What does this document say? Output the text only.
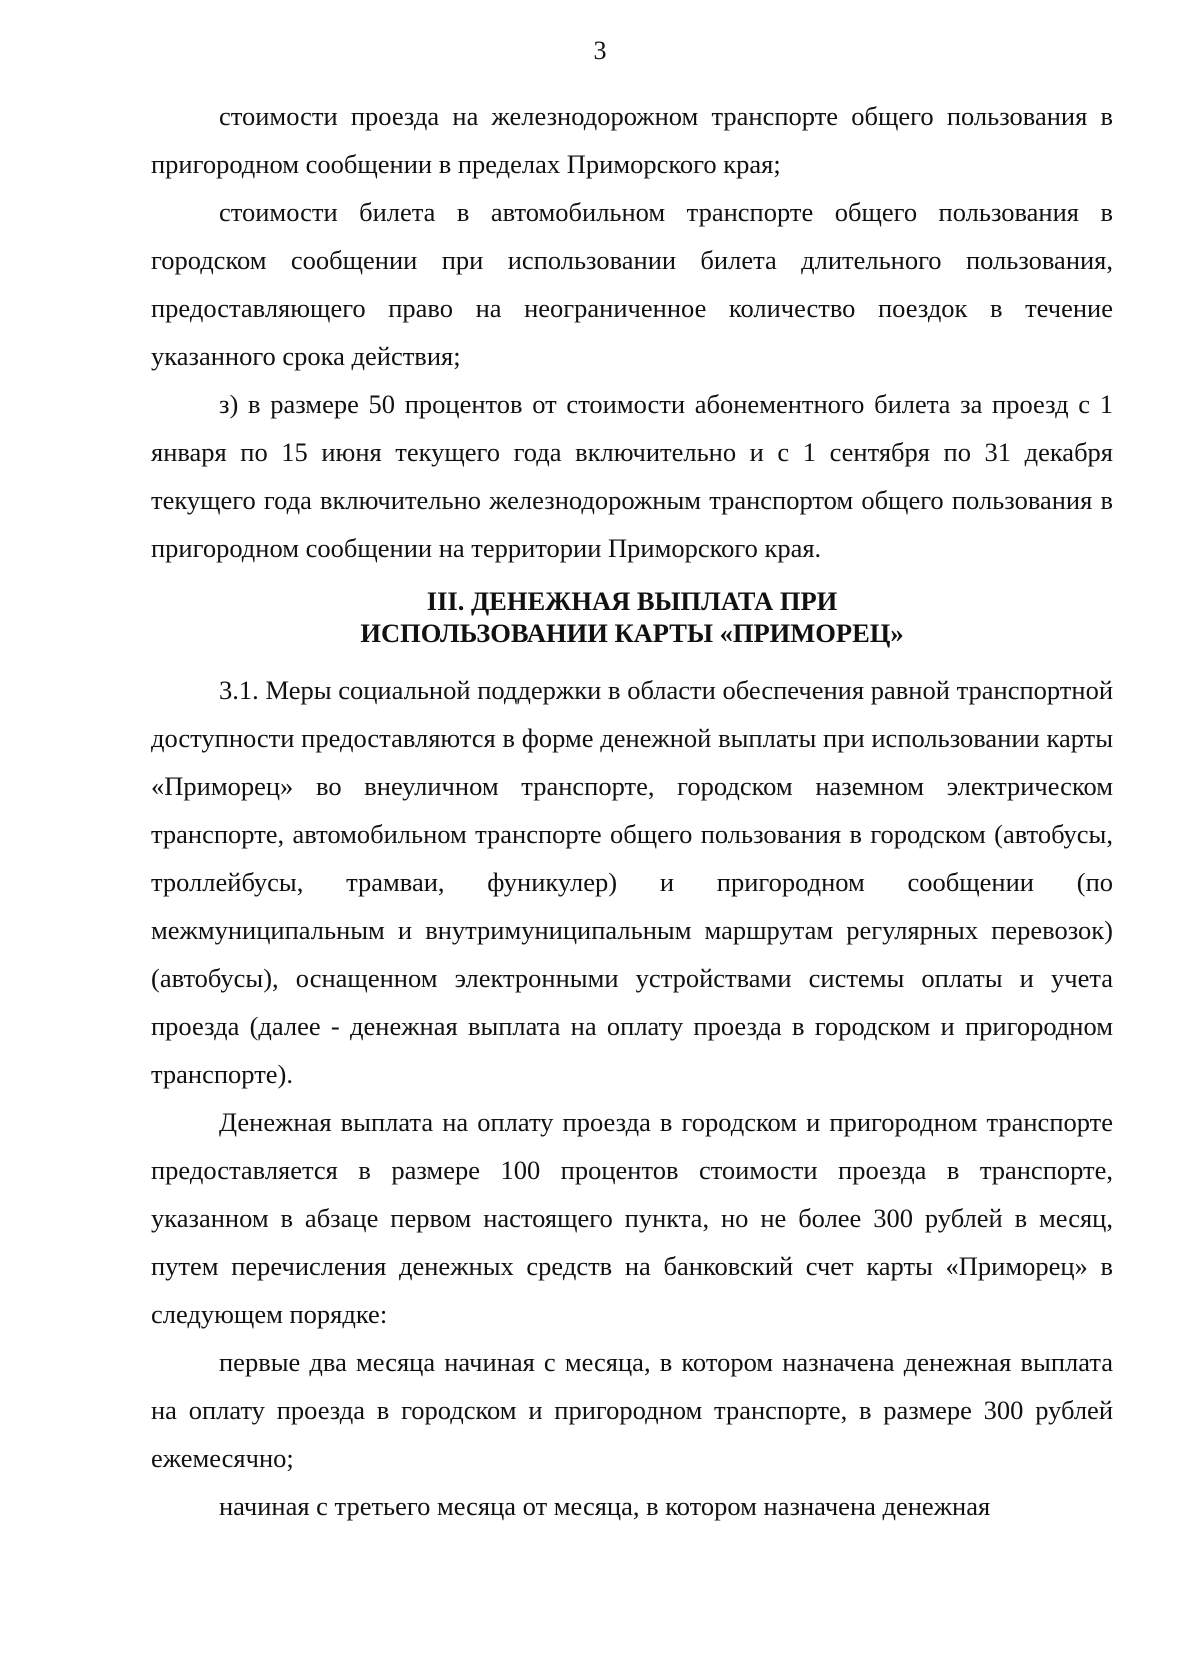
3

стоимости проезда на железнодорожном транспорте общего пользования в пригородном сообщении в пределах Приморского края;

стоимости билета в автомобильном транспорте общего пользования в городском сообщении при использовании билета длительного пользования, предоставляющего право на неограниченное количество поездок в течение указанного срока действия;

з) в размере 50 процентов от стоимости абонементного билета за проезд с 1 января по 15 июня текущего года включительно и с 1 сентября по 31 декабря текущего года включительно железнодорожным транспортом общего пользования в пригородном сообщении на территории Приморского края.

III. ДЕНЕЖНАЯ ВЫПЛАТА ПРИ
ИСПОЛЬЗОВАНИИ КАРТЫ «ПРИМОРЕЦ»

3.1. Меры социальной поддержки в области обеспечения равной транспортной доступности предоставляются в форме денежной выплаты при использовании карты «Приморец» во внеуличном транспорте, городском наземном электрическом транспорте, автомобильном транспорте общего пользования в городском (автобусы, троллейбусы, трамваи, фуникулер) и пригородном сообщении (по межмуниципальным и внутримуниципальным маршрутам регулярных перевозок) (автобусы), оснащенном электронными устройствами системы оплаты и учета проезда (далее - денежная выплата на оплату проезда в городском и пригородном транспорте).

Денежная выплата на оплату проезда в городском и пригородном транспорте предоставляется в размере 100 процентов стоимости проезда в транспорте, указанном в абзаце первом настоящего пункта, но не более 300 рублей в месяц, путем перечисления денежных средств на банковский счет карты «Приморец» в следующем порядке:

первые два месяца начиная с месяца, в котором назначена денежная выплата на оплату проезда в городском и пригородном транспорте, в размере 300 рублей ежемесячно;

начиная с третьего месяца от месяца, в котором назначена денежная
